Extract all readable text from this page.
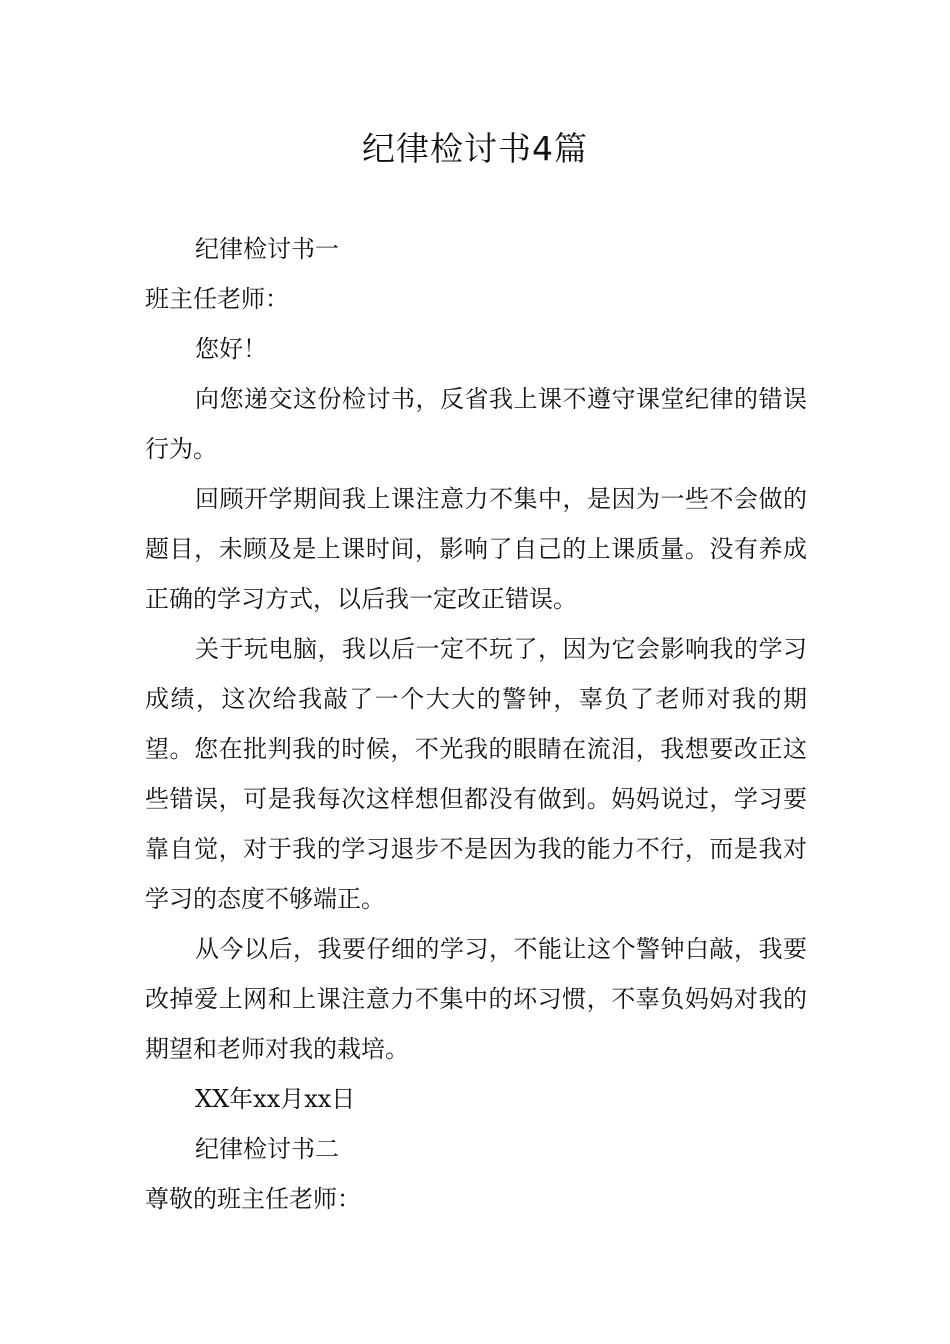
纪律检讨书4篇

纪律检讨书一

班主任老师：

您好！

向您递交这份检讨书，反省我上课不遵守课堂纪律的错误行为。

回顾开学期间我上课注意力不集中，是因为一些不会做的题目，未顾及是上课时间，影响了自己的上课质量。没有养成正确的学习方式，以后我一定改正错误。

关于玩电脑，我以后一定不玩了，因为它会影响我的学习成绩，这次给我敲了一个大大的警钟，辜负了老师对我的期望。您在批判我的时候，不光我的眼睛在流泪，我想要改正这些错误，可是我每次这样想但都没有做到。妈妈说过，学习要靠自觉，对于我的学习退步不是因为我的能力不行，而是我对学习的态度不够端正。

从今以后，我要仔细的学习，不能让这个警钟白敲，我要改掉爱上网和上课注意力不集中的坏习惯，不辜负妈妈对我的期望和老师对我的栽培。

XX年xx月xx日

纪律检讨书二

尊敬的班主任老师：
